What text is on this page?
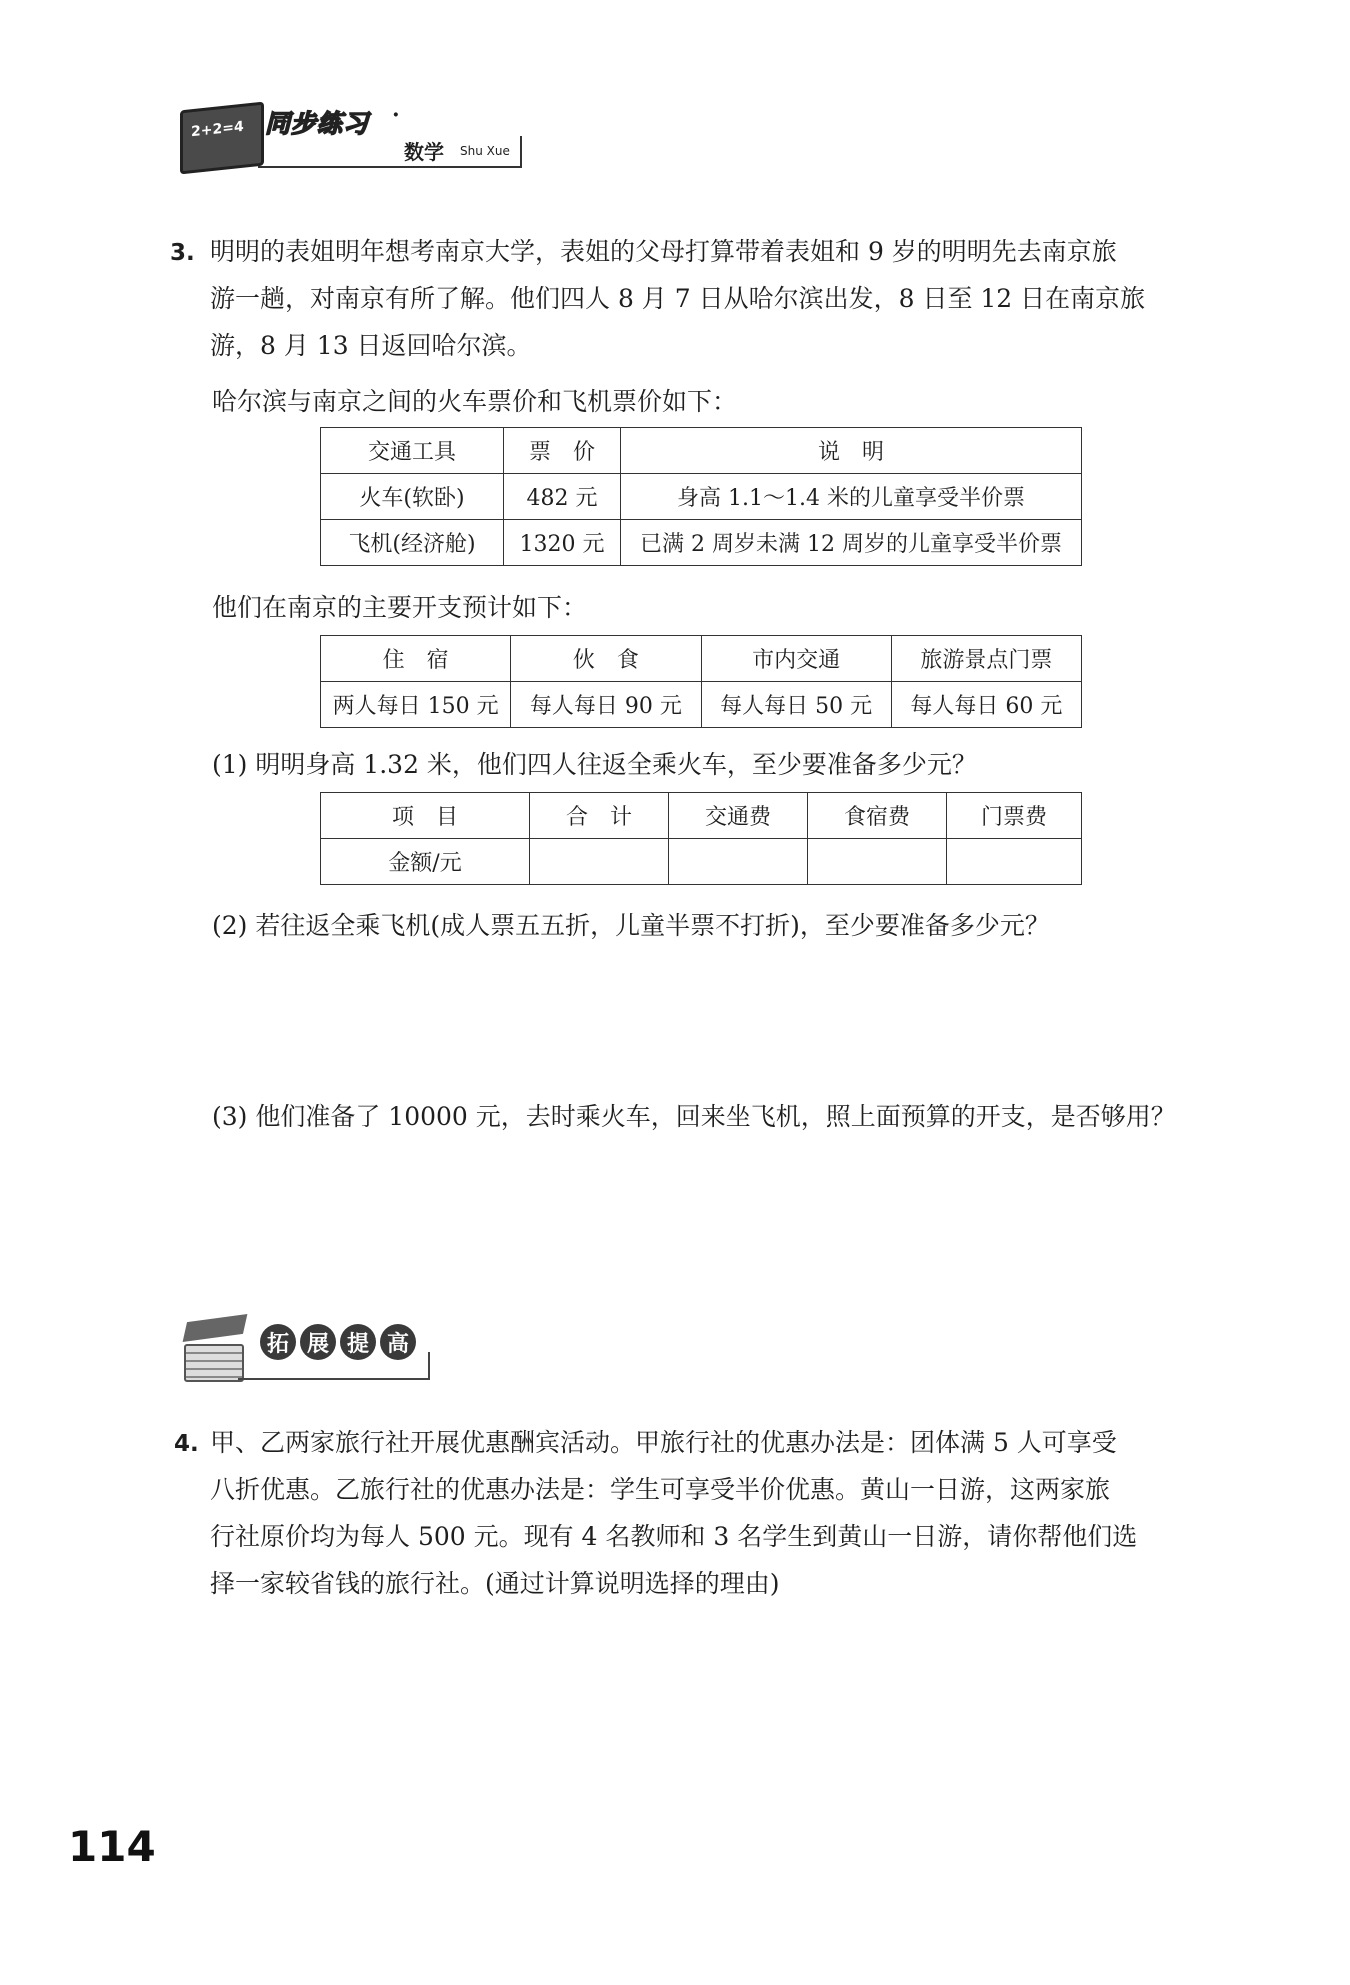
2+2=4 同步练习 ·
数学 Shu Xue
3. 明明的表姐明年想考南京大学，表姐的父母打算带着表姐和 9 岁的明明先去南京旅

游一趟，对南京有所了解。他们四人 8 月 7 日从哈尔滨出发，8 日至 12 日在南京旅

游，8 月 13 日返回哈尔滨。

哈尔滨与南京之间的火车票价和飞机票价如下：
交通工具	票　价	说　明
火车(软卧)	482 元	身高 1.1～1.4 米的儿童享受半价票
飞机(经济舱)	1320 元	已满 2 周岁未满 12 周岁的儿童享受半价票
他们在南京的主要开支预计如下：
住　宿	伙　食	市内交通	旅游景点门票
两人每日 150 元	每人每日 90 元	每人每日 50 元	每人每日 60 元
(1) 明明身高 1.32 米，他们四人往返全乘火车，至少要准备多少元？
项　目	合　计	交通费	食宿费	门票费
金额/元				
(2) 若往返全乘飞机(成人票五五折，儿童半票不打折)，至少要准备多少元？
(3) 他们准备了 10000 元，去时乘火车，回来坐飞机，照上面预算的开支，是否够用？
拓 展 提 高
4. 甲、乙两家旅行社开展优惠酬宾活动。甲旅行社的优惠办法是：团体满 5 人可享受

八折优惠。乙旅行社的优惠办法是：学生可享受半价优惠。黄山一日游，这两家旅

行社原价均为每人 500 元。现有 4 名教师和 3 名学生到黄山一日游，请你帮他们选

择一家较省钱的旅行社。(通过计算说明选择的理由)

114
